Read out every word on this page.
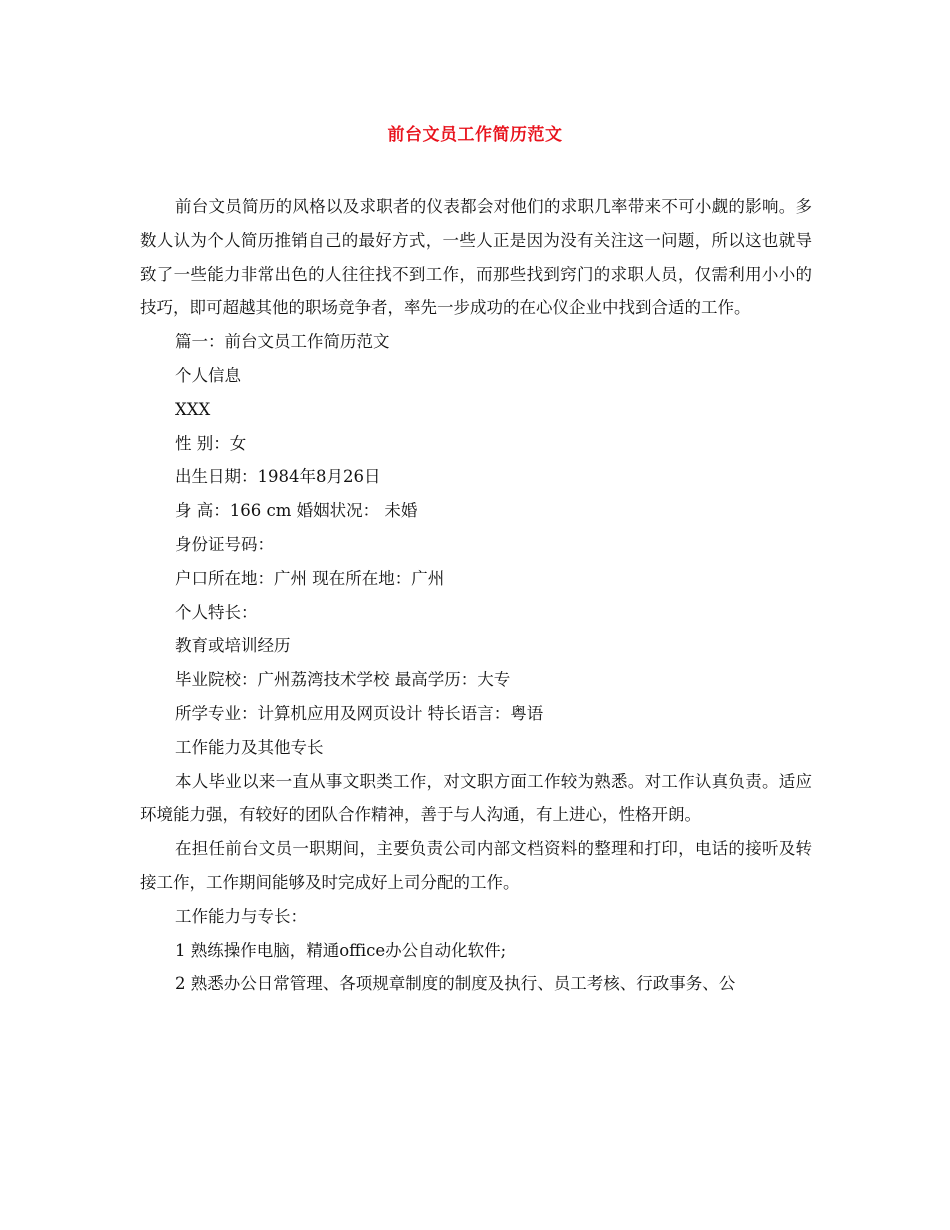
前台文员工作简历范文

前台文员简历的风格以及求职者的仪表都会对他们的求职几率带来不可小觑的影响。多数人认为个人简历推销自己的最好方式，一些人正是因为没有关注这一问题，所以这也就导致了一些能力非常出色的人往往找不到工作，而那些找到窍门的求职人员，仅需利用小小的技巧，即可超越其他的职场竞争者，率先一步成功的在心仪企业中找到合适的工作。

篇一：前台文员工作简历范文

个人信息

XXX

性 别：女

出生日期：1984年8月26日

身 高：166 cm 婚姻状况： 未婚

身份证号码：

户口所在地：广州 现在所在地：广州

个人特长：

教育或培训经历

毕业院校：广州荔湾技术学校 最高学历：大专

所学专业：计算机应用及网页设计 特长语言：粤语

工作能力及其他专长

本人毕业以来一直从事文职类工作，对文职方面工作较为熟悉。对工作认真负责。适应环境能力强，有较好的团队合作精神，善于与人沟通，有上进心，性格开朗。

在担任前台文员一职期间，主要负责公司内部文档资料的整理和打印，电话的接听及转接工作，工作期间能够及时完成好上司分配的工作。

工作能力与专长：

1 熟练操作电脑，精通office办公自动化软件;

2 熟悉办公日常管理、各项规章制度的制度及执行、员工考核、行政事务、公
